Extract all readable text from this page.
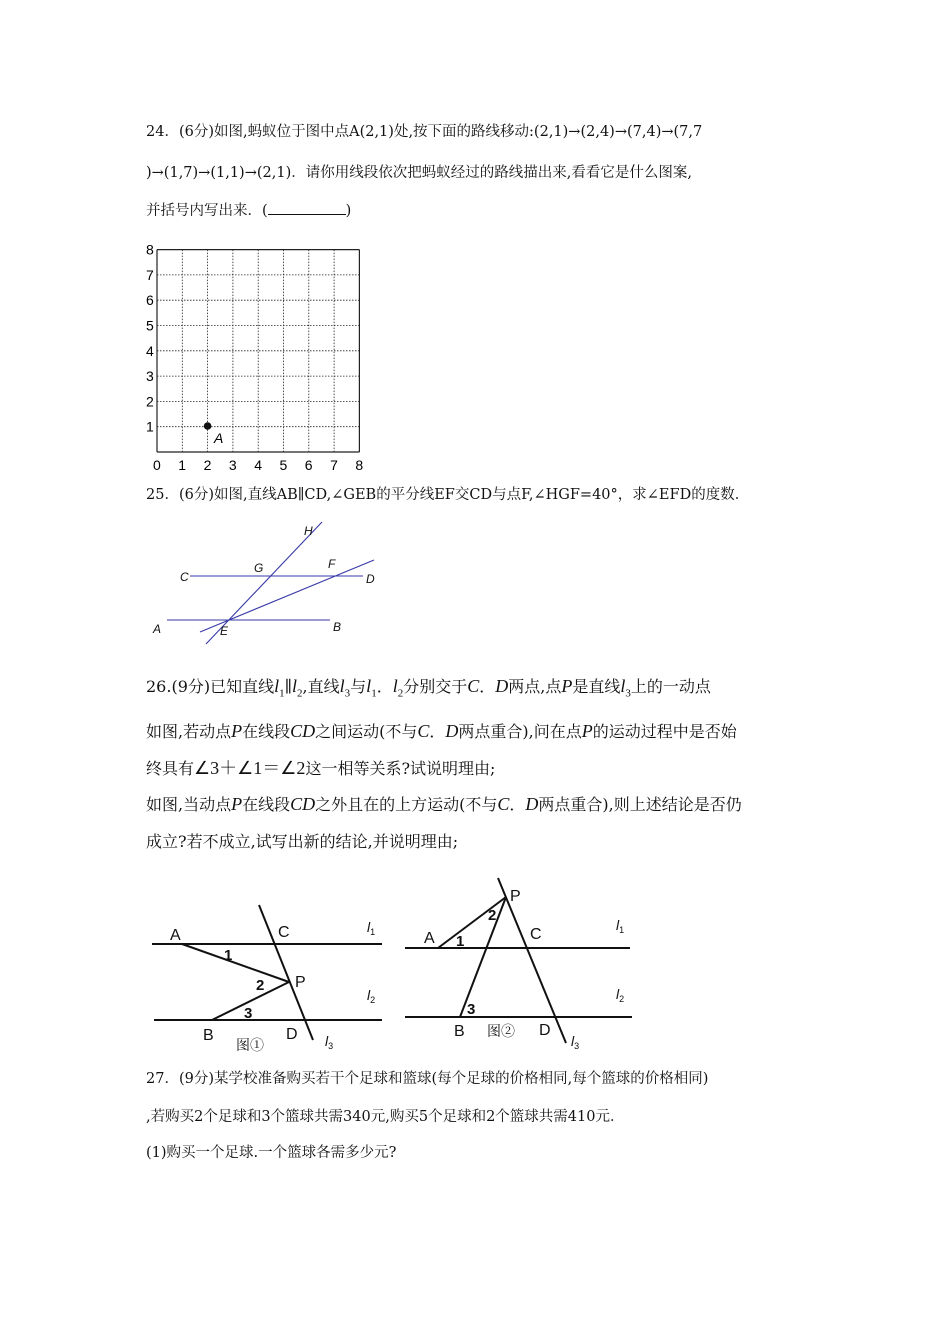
24．(6分)如图,蚂蚁位于图中点A(2,1)处,按下面的路线移动:(2,1)→(2,4)→(7,4)→(7,7
)→(1,7)→(1,1)→(2,1)．请你用线段依次把蚂蚁经过的路线描出来,看看它是什么图案,
并括号内写出来．(	)
0 1 2 3 4 5 6 7 8
1
2
3
4
5
6
7
8
A
25．(6分)如图,直线AB∥CD,∠GEB的平分线EF交CD与点F,∠HGF=40°，求∠EFD的度数．
H
G	F
C	D
A	E	B
26.(9分)已知直线$l_1\parallel l_2$,直线$l_3$与$l_1$．$l_2$分别交于C．D两点,点P是直线$l_3$上的一动点
如图,若动点P在线段CD之间运动(不与C．D两点重合),问在点P的运动过程中是否始
终具有∠3＋∠1＝∠2这一相等关系?试说明理由;
如图,当动点P在线段CD之外且在的上方运动(不与C．D两点重合),则上述结论是否仍
成立?若不成立,试写出新的结论,并说明理由;
A	C
P
B	D
1
2
3
图①
$l_1$
$l_2$
$l_3$
P
A	C
B	D
1
2
3
图②
$l_1$
$l_2$
$l_3$
27．(9分)某学校准备购买若干个足球和篮球(每个足球的价格相同,每个篮球的价格相同)
,若购买2个足球和3个篮球共需340元,购买5个足球和2个篮球共需410元．
(1)购买一个足球.一个篮球各需多少元?
